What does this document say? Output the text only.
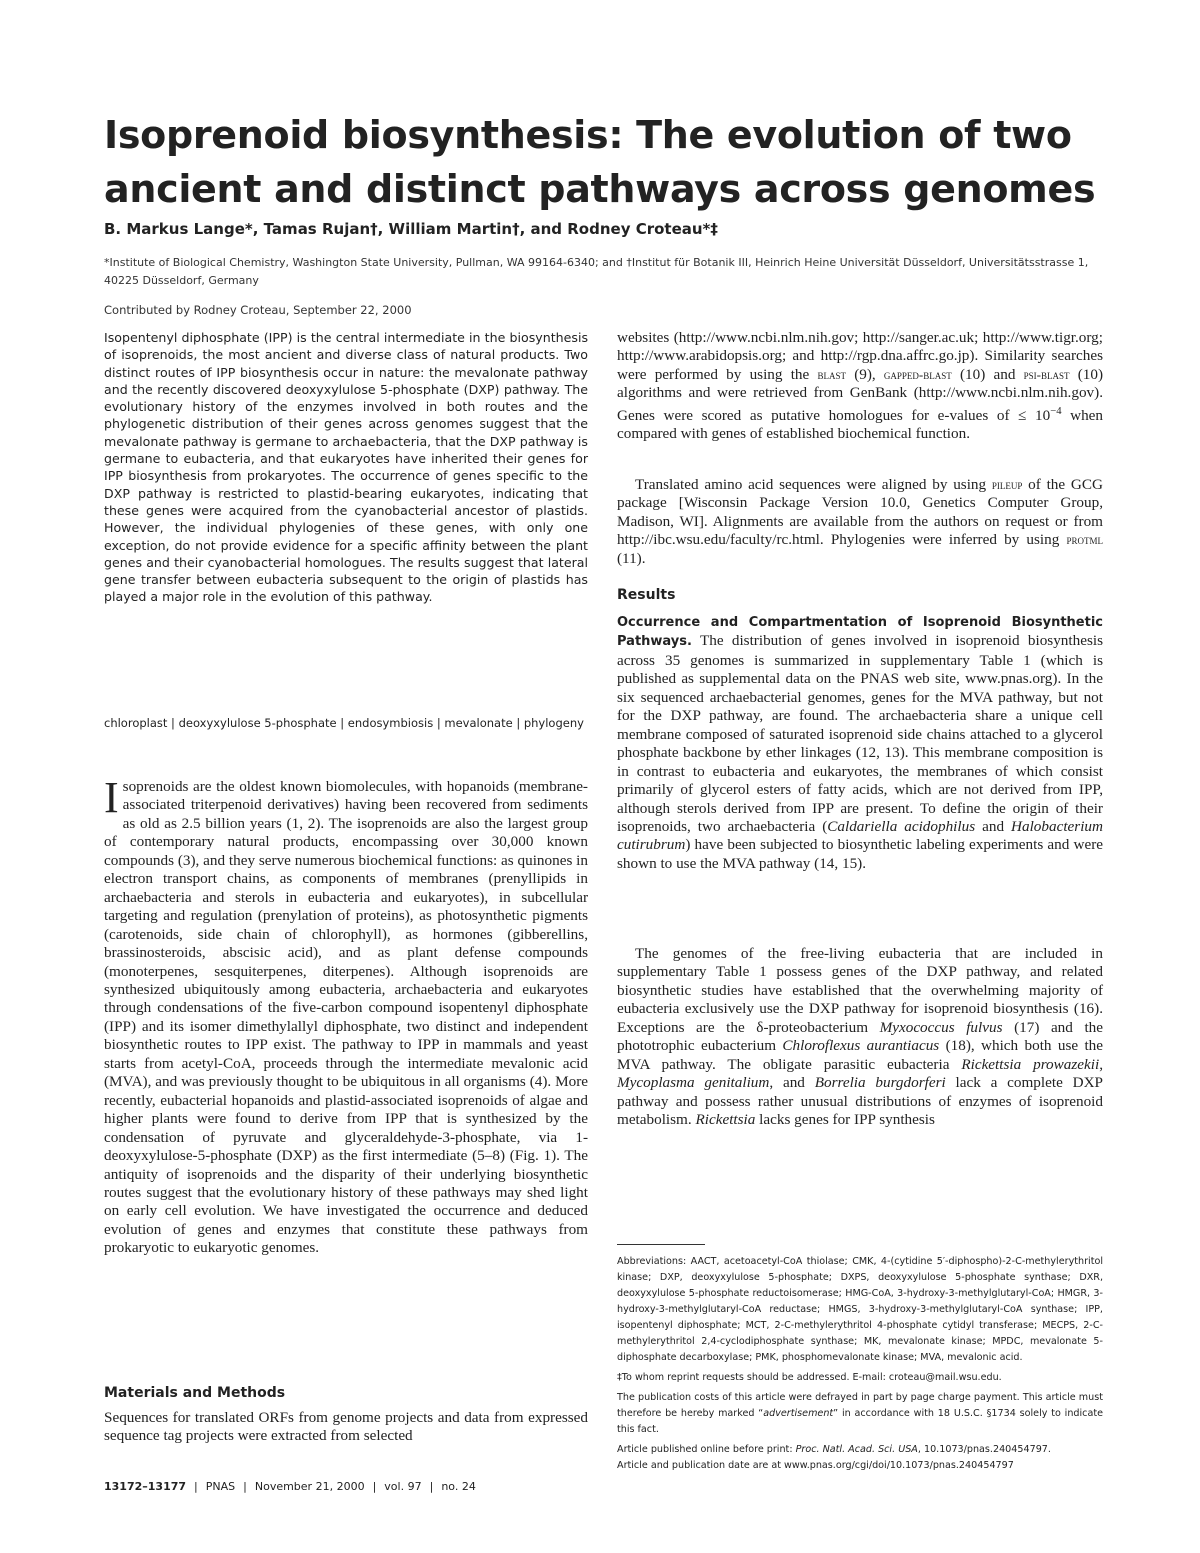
Isoprenoid biosynthesis: The evolution of two ancient and distinct pathways across genomes
B. Markus Lange*, Tamas Rujan†, William Martin†, and Rodney Croteau*‡
*Institute of Biological Chemistry, Washington State University, Pullman, WA 99164-6340; and †Institut für Botanik III, Heinrich Heine Universität Düsseldorf, Universitätsstrasse 1, 40225 Düsseldorf, Germany
Contributed by Rodney Croteau, September 22, 2000

Isopentenyl diphosphate (IPP) is the central intermediate in the biosynthesis of isoprenoids, the most ancient and diverse class of natural products. Two distinct routes of IPP biosynthesis occur in nature: the mevalonate pathway and the recently discovered deoxyxylulose 5-phosphate (DXP) pathway. The evolutionary history of the enzymes involved in both routes and the phylogenetic distribution of their genes across genomes suggest that the mevalonate pathway is germane to archaebacteria, that the DXP pathway is germane to eubacteria, and that eukaryotes have inherited their genes for IPP biosynthesis from prokaryotes. The occurrence of genes specific to the DXP pathway is restricted to plastid-bearing eukaryotes, indicating that these genes were acquired from the cyanobacterial ancestor of plastids. However, the individual phylogenies of these genes, with only one exception, do not provide evidence for a specific affinity between the plant genes and their cyanobacterial homologues. The results suggest that lateral gene transfer between eubacteria subsequent to the origin of plastids has played a major role in the evolution of this pathway.

chloroplast | deoxyxylulose 5-phosphate | endosymbiosis | mevalonate | phylogeny

Isoprenoids are the oldest known biomolecules, with hopanoids (membrane-associated triterpenoid derivatives) having been recovered from sediments as old as 2.5 billion years (1, 2). The isoprenoids are also the largest group of contemporary natural products, encompassing over 30,000 known compounds (3), and they serve numerous biochemical functions: as quinones in electron transport chains, as components of membranes (prenyllipids in archaebacteria and sterols in eubacteria and eukaryotes), in subcellular targeting and regulation (prenylation of proteins), as photosynthetic pigments (carotenoids, side chain of chlorophyll), as hormones (gibberellins, brassinosteroids, abscisic acid), and as plant defense compounds (monoterpenes, sesquiterpenes, diterpenes). Although isoprenoids are synthesized ubiquitously among eubacteria, archaebacteria and eukaryotes through condensations of the five-carbon compound isopentenyl diphosphate (IPP) and its isomer dimethylallyl diphosphate, two distinct and independent biosynthetic routes to IPP exist. The pathway to IPP in mammals and yeast starts from acetyl-CoA, proceeds through the intermediate mevalonic acid (MVA), and was previously thought to be ubiquitous in all organisms (4). More recently, eubacterial hopanoids and plastid-associated isoprenoids of algae and higher plants were found to derive from IPP that is synthesized by the condensation of pyruvate and glyceraldehyde-3-phosphate, via 1-deoxyxylulose-5-phosphate (DXP) as the first intermediate (5–8) (Fig. 1). The antiquity of isoprenoids and the disparity of their underlying biosynthetic routes suggest that the evolutionary history of these pathways may shed light on early cell evolution. We have investigated the occurrence and deduced evolution of genes and enzymes that constitute these pathways from prokaryotic to eukaryotic genomes.

Materials and Methods

Sequences for translated ORFs from genome projects and data from expressed sequence tag projects were extracted from selected

websites (http://www.ncbi.nlm.nih.gov; http://sanger.ac.uk; http://www.tigr.org; http://www.arabidopsis.org; and http://rgp.dna.affrc.go.jp). Similarity searches were performed by using the blast (9), gapped-blast (10) and psi-blast (10) algorithms and were retrieved from GenBank (http://www.ncbi.nlm.nih.gov). Genes were scored as putative homologues for e-values of ≤ $10^{-4}$ when compared with genes of established biochemical function.

Translated amino acid sequences were aligned by using pileup of the GCG package [Wisconsin Package Version 10.0, Genetics Computer Group, Madison, WI]. Alignments are available from the authors on request or from http://ibc.wsu.edu/faculty/rc.html. Phylogenies were inferred by using protml (11).

Results

Occurrence and Compartmentation of Isoprenoid Biosynthetic Pathways. The distribution of genes involved in isoprenoid biosynthesis across 35 genomes is summarized in supplementary Table 1 (which is published as supplemental data on the PNAS web site, www.pnas.org). In the six sequenced archaebacterial genomes, genes for the MVA pathway, but not for the DXP pathway, are found. The archaebacteria share a unique cell membrane composed of saturated isoprenoid side chains attached to a glycerol phosphate backbone by ether linkages (12, 13). This membrane composition is in contrast to eubacteria and eukaryotes, the membranes of which consist primarily of glycerol esters of fatty acids, which are not derived from IPP, although sterols derived from IPP are present. To define the origin of their isoprenoids, two archaebacteria (Caldariella acidophilus and Halobacterium cutirubrum) have been subjected to biosynthetic labeling experiments and were shown to use the MVA pathway (14, 15).

The genomes of the free-living eubacteria that are included in supplementary Table 1 possess genes of the DXP pathway, and related biosynthetic studies have established that the overwhelming majority of eubacteria exclusively use the DXP pathway for isoprenoid biosynthesis (16). Exceptions are the δ-proteobacterium Myxococcus fulvus (17) and the phototrophic eubacterium Chloroflexus aurantiacus (18), which both use the MVA pathway. The obligate parasitic eubacteria Rickettsia prowazekii, Mycoplasma genitalium, and Borrelia burgdorferi lack a complete DXP pathway and possess rather unusual distributions of enzymes of isoprenoid metabolism. Rickettsia lacks genes for IPP synthesis

Abbreviations: AACT, acetoacetyl-CoA thiolase; CMK, 4-(cytidine 5′-diphospho)-2-C-methylerythritol kinase; DXP, deoxyxylulose 5-phosphate; DXPS, deoxyxylulose 5-phosphate synthase; DXR, deoxyxylulose 5-phosphate reductoisomerase; HMG-CoA, 3-hydroxy-3-methylglutaryl-CoA; HMGR, 3-hydroxy-3-methylglutaryl-CoA reductase; HMGS, 3-hydroxy-3-methylglutaryl-CoA synthase; IPP, isopentenyl diphosphate; MCT, 2-C-methylerythritol 4-phosphate cytidyl transferase; MECPS, 2-C-methylerythritol 2,4-cyclodiphosphate synthase; MK, mevalonate kinase; MPDC, mevalonate 5-diphosphate decarboxylase; PMK, phosphomevalonate kinase; MVA, mevalonic acid.

‡To whom reprint requests should be addressed. E-mail: croteau@mail.wsu.edu.

The publication costs of this article were defrayed in part by page charge payment. This article must therefore be hereby marked “advertisement” in accordance with 18 U.S.C. §1734 solely to indicate this fact.

Article published online before print: Proc. Natl. Acad. Sci. USA, 10.1073/pnas.240454797.
Article and publication date are at www.pnas.org/cgi/doi/10.1073/pnas.240454797

13172–13177 | PNAS | November 21, 2000 | vol. 97 | no. 24
